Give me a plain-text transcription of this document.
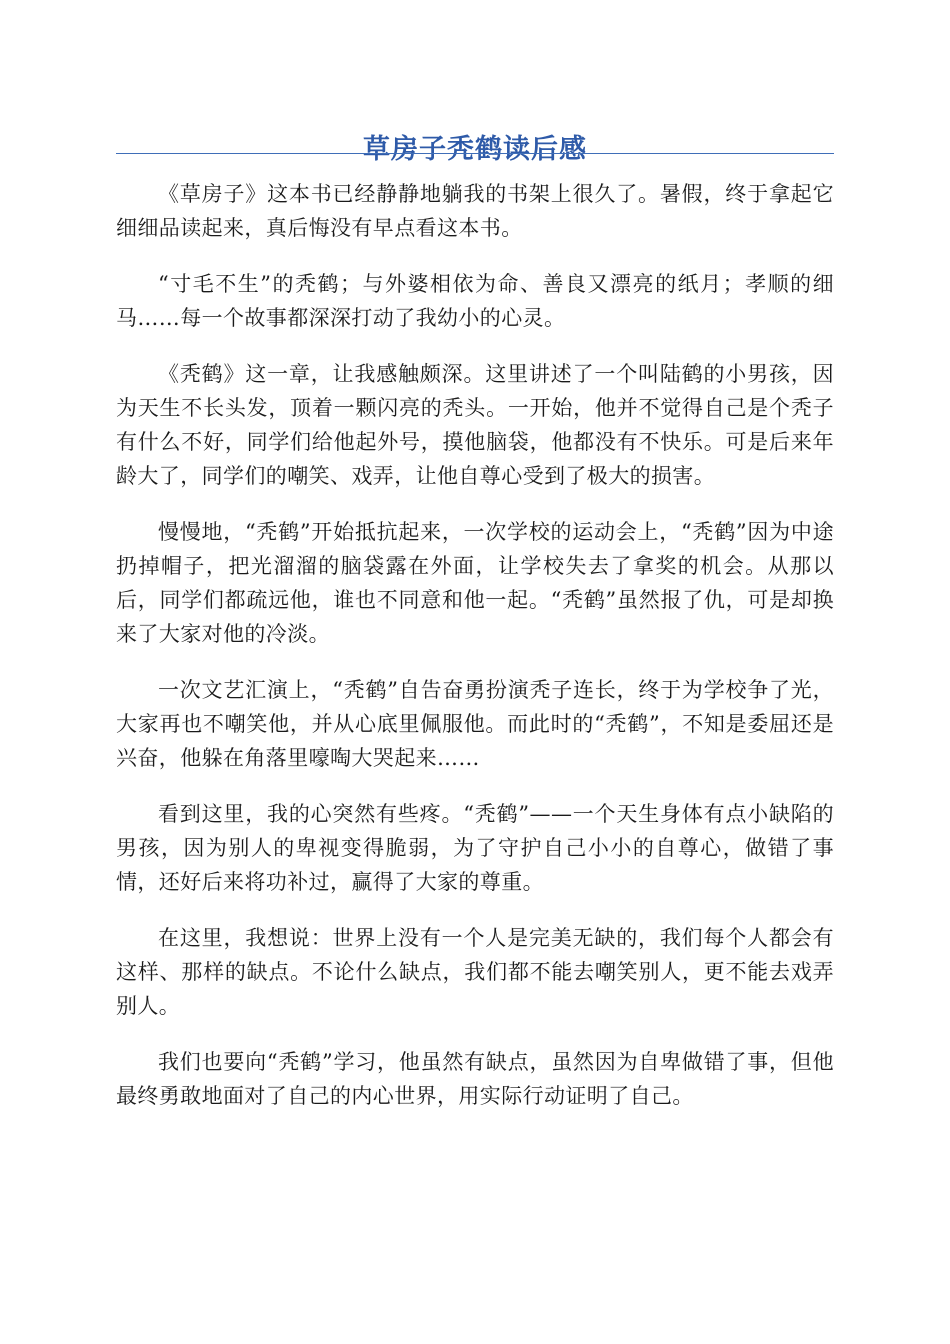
草房子秃鹤读后感

《草房子》这本书已经静静地躺我的书架上很久了。暑假，终于拿起它细细品读起来，真后悔没有早点看这本书。

“寸毛不生”的秃鹤；与外婆相依为命、善良又漂亮的纸月；孝顺的细马……每一个故事都深深打动了我幼小的心灵。

《秃鹤》这一章，让我感触颇深。这里讲述了一个叫陆鹤的小男孩，因为天生不长头发，顶着一颗闪亮的秃头。一开始，他并不觉得自己是个秃子有什么不好，同学们给他起外号，摸他脑袋，他都没有不快乐。可是后来年龄大了，同学们的嘲笑、戏弄，让他自尊心受到了极大的损害。

慢慢地，“秃鹤”开始抵抗起来，一次学校的运动会上，“秃鹤”因为中途扔掉帽子，把光溜溜的脑袋露在外面，让学校失去了拿奖的机会。从那以后，同学们都疏远他，谁也不同意和他一起。“秃鹤”虽然报了仇，可是却换来了大家对他的冷淡。

一次文艺汇演上，“秃鹤”自告奋勇扮演秃子连长，终于为学校争了光，大家再也不嘲笑他，并从心底里佩服他。而此时的“秃鹤”，不知是委屈还是兴奋，他躲在角落里嚎啕大哭起来……

看到这里，我的心突然有些疼。“秃鹤”——一个天生身体有点小缺陷的男孩，因为别人的卑视变得脆弱，为了守护自己小小的自尊心，做错了事情，还好后来将功补过，赢得了大家的尊重。

在这里，我想说：世界上没有一个人是完美无缺的，我们每个人都会有这样、那样的缺点。不论什么缺点，我们都不能去嘲笑别人，更不能去戏弄别人。

我们也要向“秃鹤”学习，他虽然有缺点，虽然因为自卑做错了事，但他最终勇敢地面对了自己的内心世界，用实际行动证明了自己。
